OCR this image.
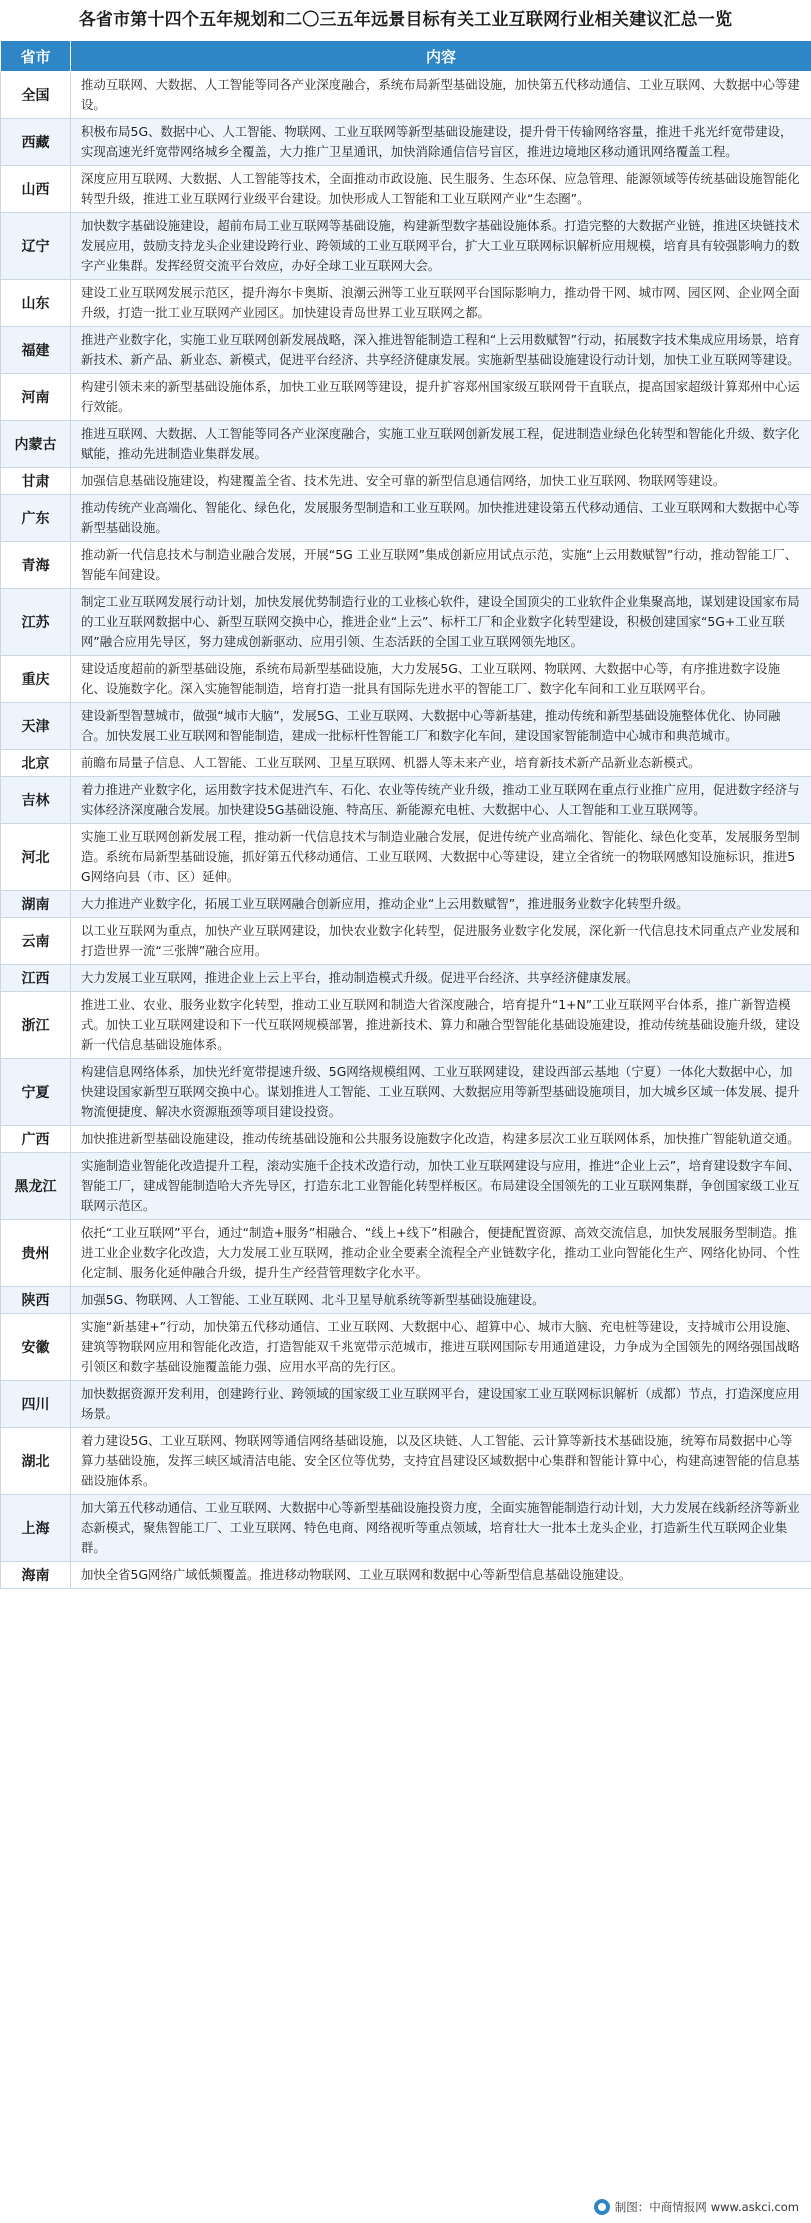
各省市第十四个五年规划和二〇三五年远景目标有关工业互联网行业相关建议汇总一览
省市	内容
全国	推动互联网、大数据、人工智能等同各产业深度融合，系统布局新型基础设施，加快第五代移动通信、工业互联网、大数据中心等建设。
西藏	积极布局5G、数据中心、人工智能、物联网、工业互联网等新型基础设施建设，提升骨干传输网络容量，推进千兆光纤宽带建设，实现高速光纤宽带网络城乡全覆盖，大力推广卫星通讯，加快消除通信信号盲区，推进边境地区移动通讯网络覆盖工程。
山西	深度应用互联网、大数据、人工智能等技术，全面推动市政设施、民生服务、生态环保、应急管理、能源领域等传统基础设施智能化转型升级，推进工业互联网行业级平台建设。加快形成人工智能和工业互联网产业“生态圈”。
辽宁	加快数字基础设施建设，超前布局工业互联网等基础设施，构建新型数字基础设施体系。打造完整的大数据产业链，推进区块链技术发展应用，鼓励支持龙头企业建设跨行业、跨领域的工业互联网平台，扩大工业互联网标识解析应用规模，培育具有较强影响力的数字产业集群。发挥经贸交流平台效应，办好全球工业互联网大会。
山东	建设工业互联网发展示范区，提升海尔卡奥斯、浪潮云洲等工业互联网平台国际影响力，推动骨干网、城市网、园区网、企业网全面升级，打造一批工业互联网产业园区。加快建设青岛世界工业互联网之都。
福建	推进产业数字化，实施工业互联网创新发展战略，深入推进智能制造工程和“上云用数赋智”行动，拓展数字技术集成应用场景，培育新技术、新产品、新业态、新模式，促进平台经济、共享经济健康发展。实施新型基础设施建设行动计划，加快工业互联网等建设。
河南	构建引领未来的新型基础设施体系，加快工业互联网等建设，提升扩容郑州国家级互联网骨干直联点，提高国家超级计算郑州中心运行效能。
内蒙古	推进互联网、大数据、人工智能等同各产业深度融合，实施工业互联网创新发展工程，促进制造业绿色化转型和智能化升级、数字化赋能，推动先进制造业集群发展。
甘肃	加强信息基础设施建设，构建覆盖全省、技术先进、安全可靠的新型信息通信网络，加快工业互联网、物联网等建设。
广东	推动传统产业高端化、智能化、绿色化，发展服务型制造和工业互联网。加快推进建设第五代移动通信、工业互联网和大数据中心等新型基础设施。
青海	推动新一代信息技术与制造业融合发展，开展“5G 工业互联网”集成创新应用试点示范，实施“上云用数赋智”行动，推动智能工厂、智能车间建设。
江苏	制定工业互联网发展行动计划，加快发展优势制造行业的工业核心软件，建设全国顶尖的工业软件企业集聚高地，谋划建设国家布局的工业互联网数据中心、新型互联网交换中心，推进企业“上云”、标杆工厂和企业数字化转型建设，积极创建国家“5G+工业互联网”融合应用先导区，努力建成创新驱动、应用引领、生态活跃的全国工业互联网领先地区。
重庆	建设适度超前的新型基础设施，系统布局新型基础设施，大力发展5G、工业互联网、物联网、大数据中心等，有序推进数字设施化、设施数字化。深入实施智能制造，培育打造一批具有国际先进水平的智能工厂、数字化车间和工业互联网平台。
天津	建设新型智慧城市，做强“城市大脑”，发展5G、工业互联网、大数据中心等新基建，推动传统和新型基础设施整体优化、协同融合。加快发展工业互联网和智能制造，建成一批标杆性智能工厂和数字化车间，建设国家智能制造中心城市和典范城市。
北京	前瞻布局量子信息、人工智能、工业互联网、卫星互联网、机器人等未来产业，培育新技术新产品新业态新模式。
吉林	着力推进产业数字化，运用数字技术促进汽车、石化、农业等传统产业升级，推动工业互联网在重点行业推广应用，促进数字经济与实体经济深度融合发展。加快建设5G基础设施、特高压、新能源充电桩、大数据中心、人工智能和工业互联网等。
河北	实施工业互联网创新发展工程，推动新一代信息技术与制造业融合发展，促进传统产业高端化、智能化、绿色化变革，发展服务型制造。系统布局新型基础设施，抓好第五代移动通信、工业互联网、大数据中心等建设，建立全省统一的物联网感知设施标识，推进5G网络向县（市、区）延伸。
湖南	大力推进产业数字化，拓展工业互联网融合创新应用，推动企业“上云用数赋智”，推进服务业数字化转型升级。
云南	以工业互联网为重点，加快产业互联网建设，加快农业数字化转型，促进服务业数字化发展，深化新一代信息技术同重点产业发展和打造世界一流“三张牌”融合应用。
江西	大力发展工业互联网，推进企业上云上平台，推动制造模式升级。促进平台经济、共享经济健康发展。
浙江	推进工业、农业、服务业数字化转型，推动工业互联网和制造大省深度融合，培育提升“1+N”工业互联网平台体系，推广新智造模式。加快工业互联网建设和下一代互联网规模部署，推进新技术、算力和融合型智能化基础设施建设，推动传统基础设施升级，建设新一代信息基础设施体系。
宁夏	构建信息网络体系，加快光纤宽带提速升级、5G网络规模组网、工业互联网建设，建设西部云基地（宁夏）一体化大数据中心，加快建设国家新型互联网交换中心。谋划推进人工智能、工业互联网、大数据应用等新型基础设施项目，加大城乡区域一体发展、提升物流便捷度、解决水资源瓶颈等项目建设投资。
广西	加快推进新型基础设施建设，推动传统基础设施和公共服务设施数字化改造，构建多层次工业互联网体系，加快推广智能轨道交通。
黑龙江	实施制造业智能化改造提升工程，滚动实施千企技术改造行动，加快工业互联网建设与应用，推进“企业上云”，培育建设数字车间、智能工厂，建成智能制造哈大齐先导区，打造东北工业智能化转型样板区。布局建设全国领先的工业互联网集群，争创国家级工业互联网示范区。
贵州	依托“工业互联网”平台，通过“制造+服务”相融合、“线上+线下”相融合，便捷配置资源、高效交流信息，加快发展服务型制造。推进工业企业数字化改造，大力发展工业互联网，推动企业全要素全流程全产业链数字化，推动工业向智能化生产、网络化协同、个性化定制、服务化延伸融合升级，提升生产经营管理数字化水平。
陕西	加强5G、物联网、人工智能、工业互联网、北斗卫星导航系统等新型基础设施建设。
安徽	实施“新基建+”行动，加快第五代移动通信、工业互联网、大数据中心、超算中心、城市大脑、充电桩等建设，支持城市公用设施、建筑等物联网应用和智能化改造，打造智能双千兆宽带示范城市，推进互联网国际专用通道建设，力争成为全国领先的网络强国战略引领区和数字基础设施覆盖能力强、应用水平高的先行区。
四川	加快数据资源开发利用，创建跨行业、跨领域的国家级工业互联网平台，建设国家工业互联网标识解析（成都）节点，打造深度应用场景。
湖北	着力建设5G、工业互联网、物联网等通信网络基础设施，以及区块链、人工智能、云计算等新技术基础设施，统筹布局数据中心等算力基础设施，发挥三峡区域清洁电能、安全区位等优势，支持宜昌建设区域数据中心集群和智能计算中心，构建高速智能的信息基础设施体系。
上海	加大第五代移动通信、工业互联网、大数据中心等新型基础设施投资力度，全面实施智能制造行动计划，大力发展在线新经济等新业态新模式，聚焦智能工厂、工业互联网、特色电商、网络视听等重点领域，培育壮大一批本土龙头企业，打造新生代互联网企业集群。
海南	加快全省5G网络广域低频覆盖。推进移动物联网、工业互联网和数据中心等新型信息基础设施建设。
制图：中商情报网 www.askci.com
